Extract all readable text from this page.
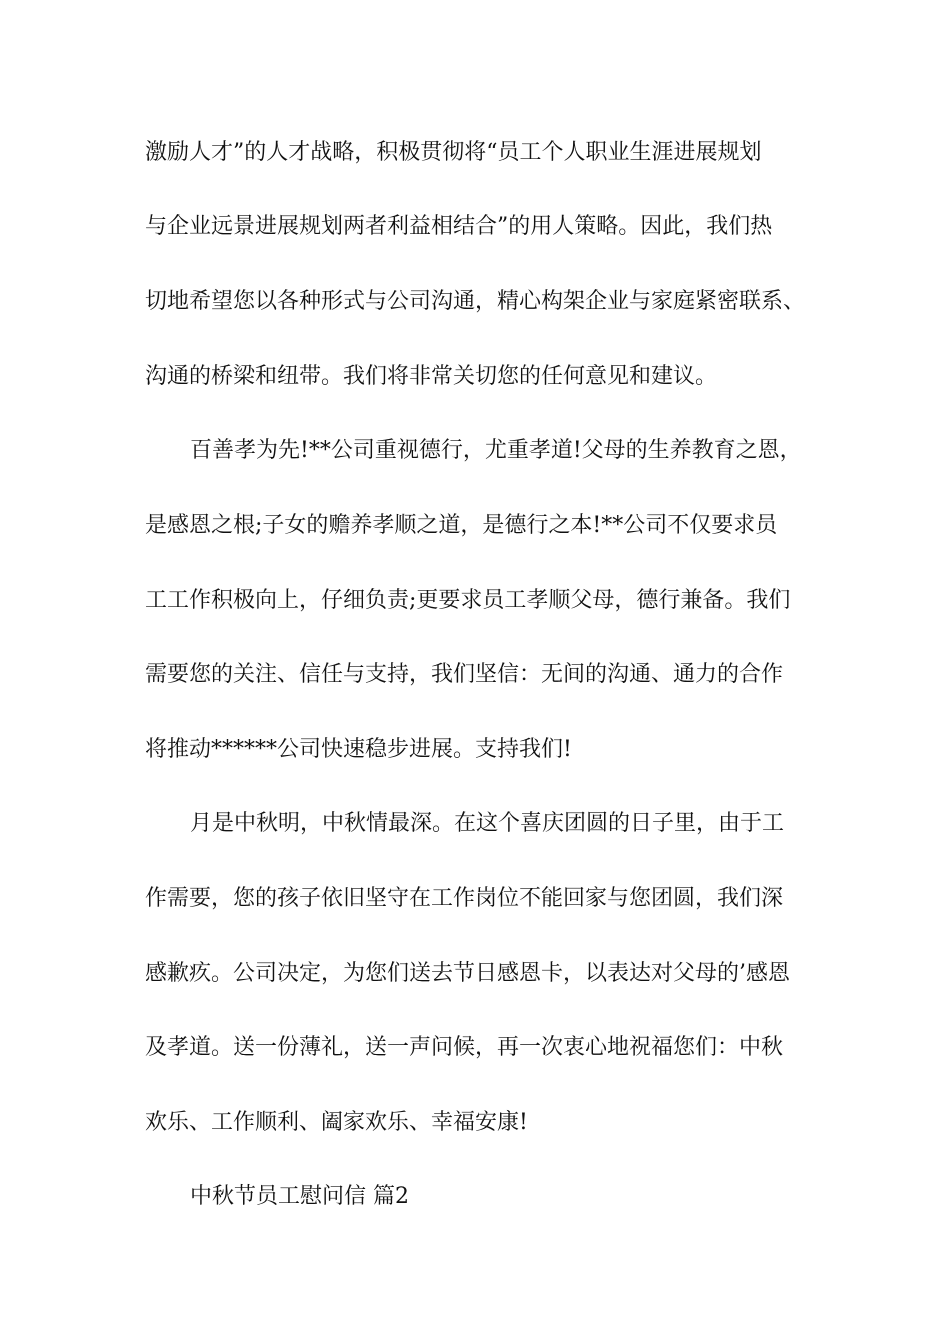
激励人才”的人才战略，积极贯彻将“员工个人职业生涯进展规划
与企业远景进展规划两者利益相结合”的用人策略。因此，我们热
切地希望您以各种形式与公司沟通，精心构架企业与家庭紧密联系、
沟通的桥梁和纽带。我们将非常关切您的任何意见和建议。
百善孝为先!**公司重视德行，尤重孝道!父母的生养教育之恩，
是感恩之根;子女的赡养孝顺之道，是德行之本!**公司不仅要求员
工工作积极向上，仔细负责;更要求员工孝顺父母，德行兼备。我们
需要您的关注、信任与支持，我们坚信：无间的沟通、通力的合作
将推动******公司快速稳步进展。支持我们!
月是中秋明，中秋情最深。在这个喜庆团圆的日子里，由于工
作需要，您的孩子依旧坚守在工作岗位不能回家与您团圆，我们深
感歉疚。公司决定，为您们送去节日感恩卡，以表达对父母的’感恩
及孝道。送一份薄礼，送一声问候，再一次衷心地祝福您们：中秋
欢乐、工作顺利、阖家欢乐、幸福安康!
中秋节员工慰问信 篇2
